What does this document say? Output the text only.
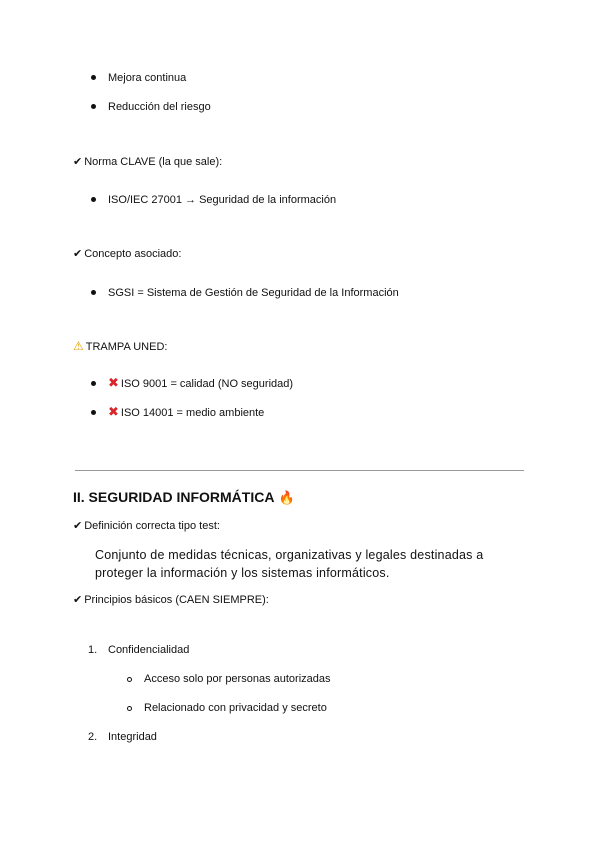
Mejora continua
Reducción del riesgo
✔ Norma CLAVE (la que sale):
ISO/IEC 27001 → Seguridad de la información
✔ Concepto asociado:
SGSI = Sistema de Gestión de Seguridad de la Información
⚠ TRAMPA UNED:
✖ ISO 9001 = calidad (NO seguridad)
✖ ISO 14001 = medio ambiente
II. SEGURIDAD INFORMÁTICA 🔥
✔ Definición correcta tipo test:
Conjunto de medidas técnicas, organizativas y legales destinadas a proteger la información y los sistemas informáticos.
✔ Principios básicos (CAEN SIEMPRE):
1. Confidencialidad
Acceso solo por personas autorizadas
Relacionado con privacidad y secreto
2. Integridad
